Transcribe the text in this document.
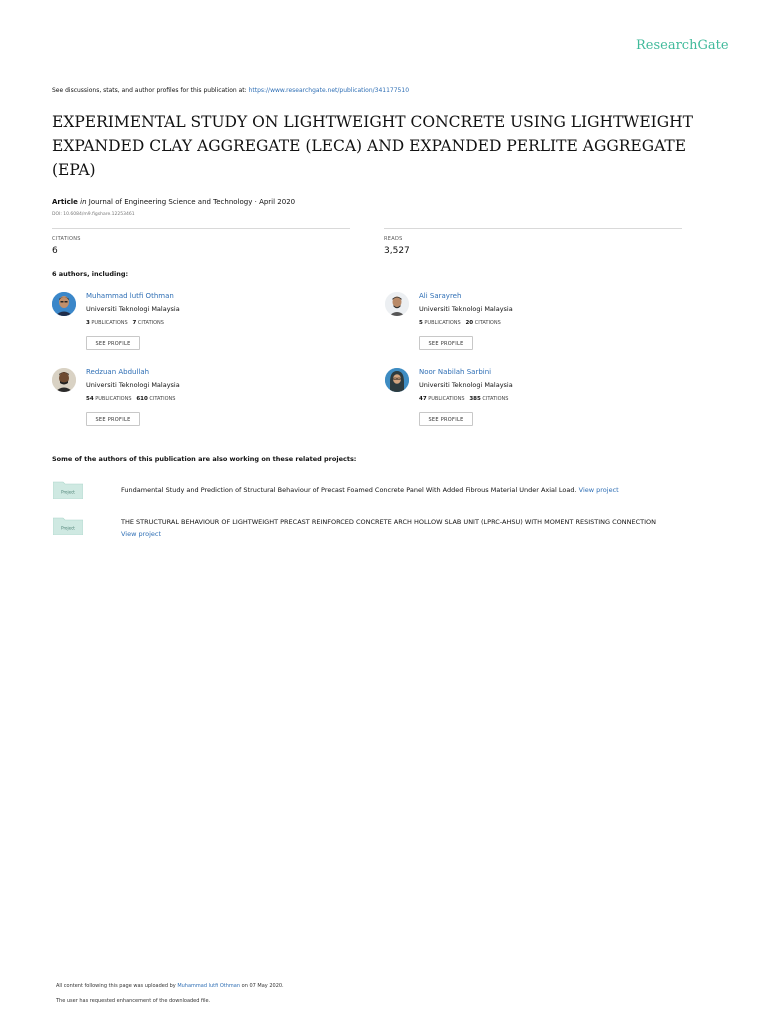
ResearchGate
See discussions, stats, and author profiles for this publication at: https://www.researchgate.net/publication/341177510
EXPERIMENTAL STUDY ON LIGHTWEIGHT CONCRETE USING LIGHTWEIGHT EXPANDED CLAY AGGREGATE (LECA) AND EXPANDED PERLITE AGGREGATE (EPA)
Article in Journal of Engineering Science and Technology · April 2020
DOI: 10.6084/m9.figshare.12253461
CITATIONS
6
READS
3,527
6 authors, including:
Muhammad lutfi Othman
Universiti Teknologi Malaysia
3 PUBLICATIONS 7 CITATIONS
SEE PROFILE
Ali Sarayreh
Universiti Teknologi Malaysia
5 PUBLICATIONS 20 CITATIONS
SEE PROFILE
Redzuan Abdullah
Universiti Teknologi Malaysia
54 PUBLICATIONS 610 CITATIONS
SEE PROFILE
Noor Nabilah Sarbini
Universiti Teknologi Malaysia
47 PUBLICATIONS 385 CITATIONS
SEE PROFILE
Some of the authors of this publication are also working on these related projects:
Project	Fundamental Study and Prediction of Structural Behaviour of Precast Foamed Concrete Panel With Added Fibrous Material Under Axial Load. View project
Project
THE STRUCTURAL BEHAVIOUR OF LIGHTWEIGHT PRECAST REINFORCED CONCRETE ARCH HOLLOW SLAB UNIT (LPRC-AHSU) WITH MOMENT RESISTING CONNECTION
View project
All content following this page was uploaded by Muhammad lutfi Othman on 07 May 2020.
The user has requested enhancement of the downloaded file.
